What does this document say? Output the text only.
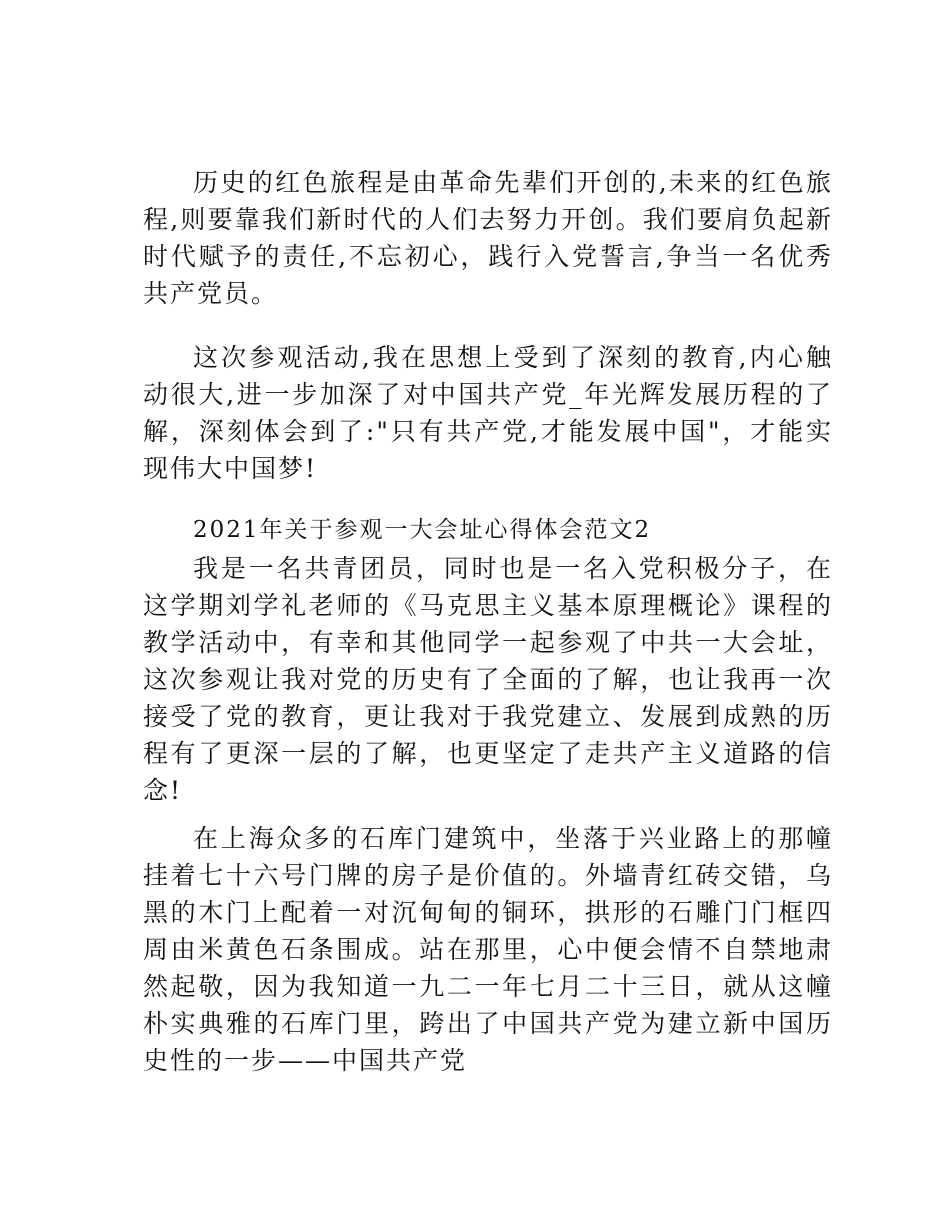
历史的红色旅程是由革命先辈们开创的,未来的红色旅程,则要靠我们新时代的人们去努力开创。我们要肩负起新时代赋予的责任,不忘初心，践行入党誓言,争当一名优秀共产党员。

这次参观活动,我在思想上受到了深刻的教育,内心触动很大,进一步加深了对中国共产党_年光辉发展历程的了解，深刻体会到了:"只有共产党,才能发展中国"，才能实现伟大中国梦!

2021年关于参观一大会址心得体会范文2

我是一名共青团员，同时也是一名入党积极分子，在这学期刘学礼老师的《马克思主义基本原理概论》课程的教学活动中，有幸和其他同学一起参观了中共一大会址，这次参观让我对党的历史有了全面的了解，也让我再一次接受了党的教育，更让我对于我党建立、发展到成熟的历程有了更深一层的了解，也更坚定了走共产主义道路的信念!

在上海众多的石库门建筑中，坐落于兴业路上的那幢挂着七十六号门牌的房子是价值的。外墙青红砖交错，乌黑的木门上配着一对沉甸甸的铜环，拱形的石雕门门框四周由米黄色石条围成。站在那里，心中便会情不自禁地肃然起敬，因为我知道一九二一年七月二十三日，就从这幢朴实典雅的石库门里，跨出了中国共产党为建立新中国历史性的一步——中国共产党
